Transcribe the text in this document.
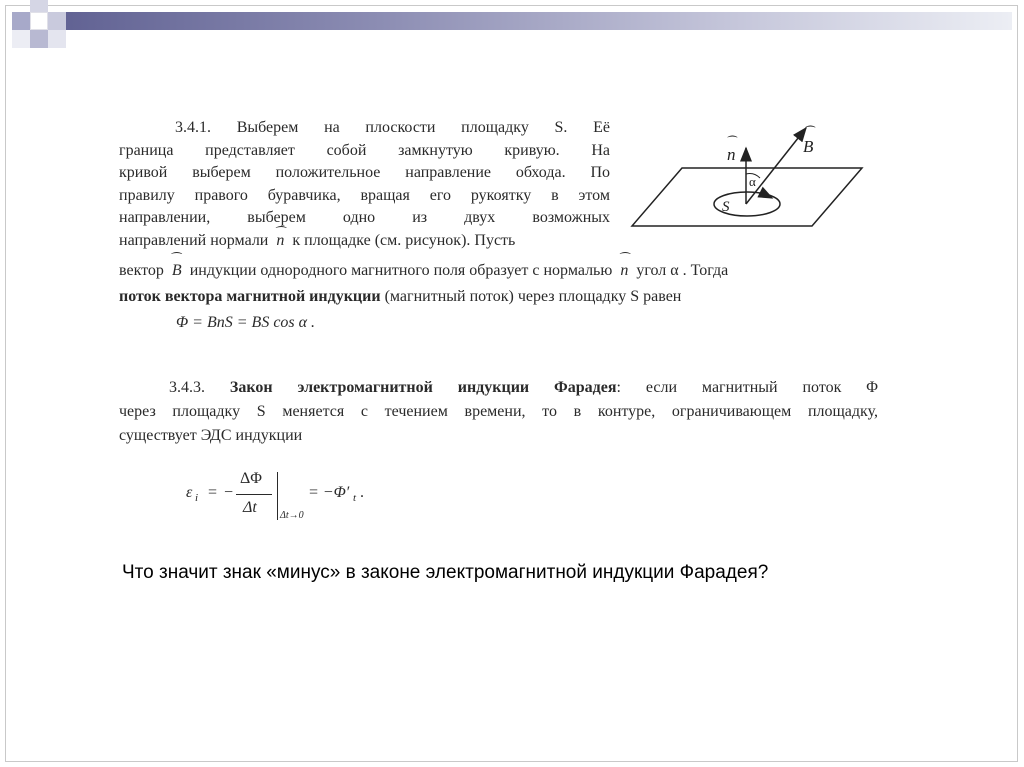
3.4.1. Выберем на плоскости площадку S. Её
граница представляет собой замкнутую кривую. На
кривой выберем положительное направление обхода. По
правилу правого буравчика, вращая его рукоятку в этом
направлении, выберем одно из двух возможных
направлений нормали ⁀ n к площадке (см. рисунок). Пусть
вектор ⁀ B индукции однородного магнитного поля образует с нормалью ⁀ n угол α . Тогда
поток вектора магнитной индукции (магнитный поток) через площадку S равен
Φ = BnS = BS cos α .
n
⁀	B
⁀
α
S
3.4.3. Закон электромагнитной индукции Фарадея: если магнитный поток Φ
через площадку S меняется с течением времени, то в контуре, ограничивающем площадку,
существует ЭДС индукции
ε i = −
ΔΦ
Δt Δt→0
= −Φ′ t .
Что значит знак «минус» в законе электромагнитной индукции Фарадея?
